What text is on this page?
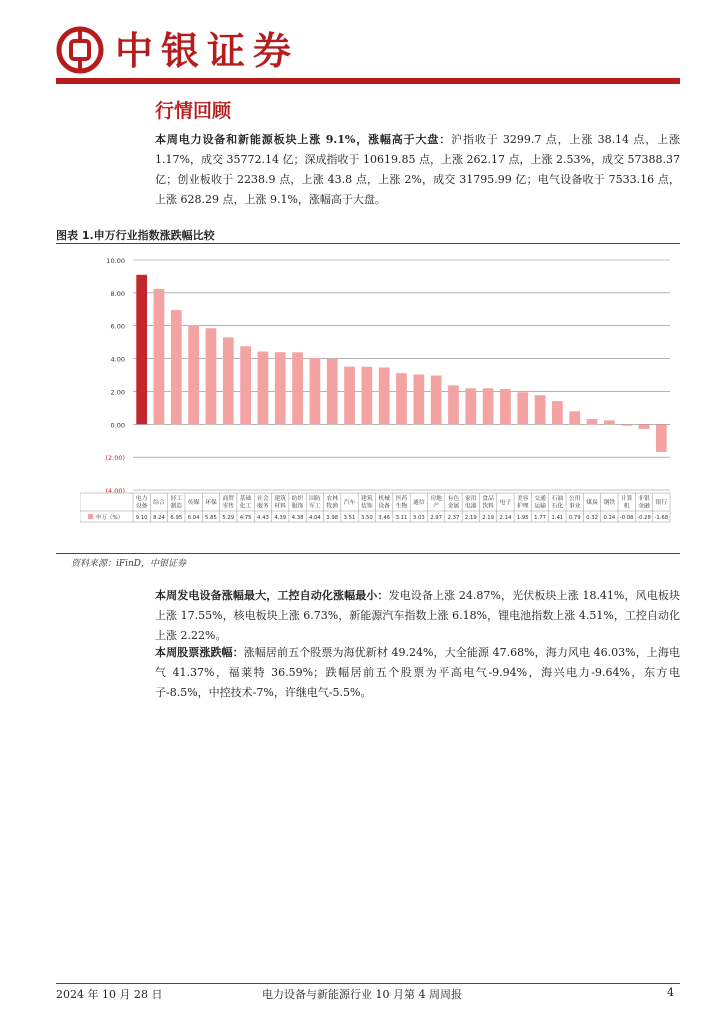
中银证券
行情回顾
本周电力设备和新能源板块上涨 9.1%，涨幅高于大盘：沪指收于 3299.7 点，上涨 38.14 点，上涨 1.17%，成交 35772.14 亿；深成指收于 10619.85 点，上涨 262.17 点，上涨 2.53%，成交 57388.37 亿；创业板收于 2238.9 点，上涨 43.8 点，上涨 2%，成交 31795.99 亿；电气设备收于 7533.16 点，上涨 628.29 点，上涨 9.1%，涨幅高于大盘。
图表 1.申万行业指数涨跌幅比较
10.00
8.00
6.00
4.00
2.00
0.00
(2.00)
(4.00)
申万（%）
电力
设备
9.10
综合
8.24
轻工
制造
6.95
传媒
6.04
环保
5.85
商贸
零售
5.29
基础
化工
4.75
社会
服务
4.43
建筑
材料
4.39
纺织
服饰
4.38
国防
军工
4.04
农林
牧渔
3.98
汽车
3.51
建筑
装饰
3.50
机械
设备
3.46
医药
生物
3.11
通信
3.03
房地
产
2.97
有色
金属
2.37
家用
电器
2.19
食品
饮料
2.19
电子
2.14
美容
护理
1.95
交通
运输
1.77
石油
石化
1.41
公用
事业
0.79
煤炭
0.32
钢铁
0.24
计算
机
-0.08
非银
金融
-0.28
银行
-1.68
资料来源：iFinD，中银证券
本周发电设备涨幅最大，工控自动化涨幅最小：发电设备上涨 24.87%，光伏板块上涨 18.41%，风电板块上涨 17.55%，核电板块上涨 6.73%，新能源汽车指数上涨 6.18%，锂电池指数上涨 4.51%，工控自动化上涨 2.22%。
本周股票涨跌幅：涨幅居前五个股票为海优新材 49.24%，大全能源 47.68%，海力风电 46.03%，上海电气 41.37%，福莱特 36.59%；跌幅居前五个股票为平高电气-9.94%，海兴电力-9.64%，东方电子-8.5%，中控技术-7%，许继电气-5.5%。
2024 年 10 月 28 日	电力设备与新能源行业 10 月第 4 周周报	4
